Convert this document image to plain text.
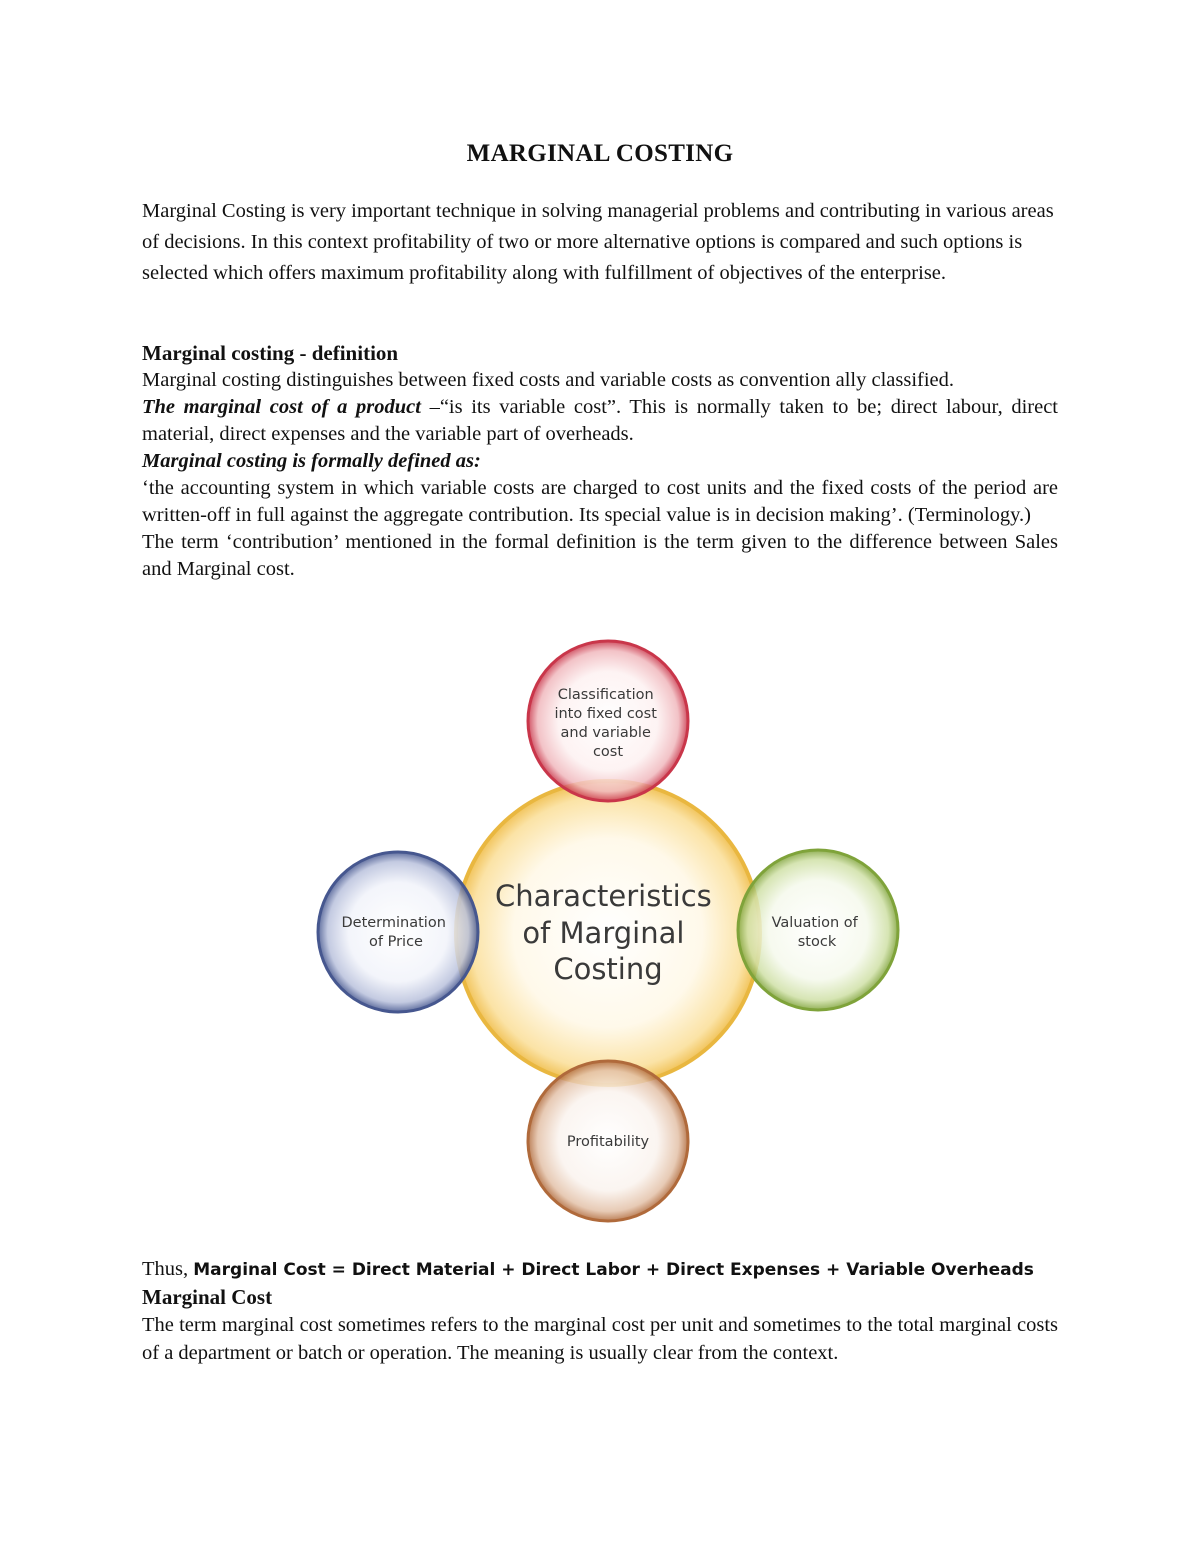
MARGINAL COSTING

Marginal Costing is very important technique in solving managerial problems and contributing in various areas of decisions. In this context profitability of two or more alternative options is compared and such options is selected which offers maximum profitability along with fulfillment of objectives of the enterprise.

Marginal costing - definition

Marginal costing distinguishes between fixed costs and variable costs as convention ally classified.

The marginal cost of a product –“is its variable cost”. This is normally taken to be; direct labour, direct material, direct expenses and the variable part of overheads.

Marginal costing is formally defined as:

‘the accounting system in which variable costs are charged to cost units and the fixed costs of the period are written-off in full against the aggregate contribution. Its special value is in decision making’. (Terminology.)

The term ‘contribution’ mentioned in the formal definition is the term given to the difference between Sales and Marginal cost.

Characteristics of Marginal Costing
Classification into fixed cost and variable cost
Determination of Price
Valuation of stock
Profitability
Thus, Marginal Cost = Direct Material + Direct Labor + Direct Expenses + Variable Overheads
Marginal Cost

The term marginal cost sometimes refers to the marginal cost per unit and sometimes to the total marginal costs of a department or batch or operation. The meaning is usually clear from the context.
